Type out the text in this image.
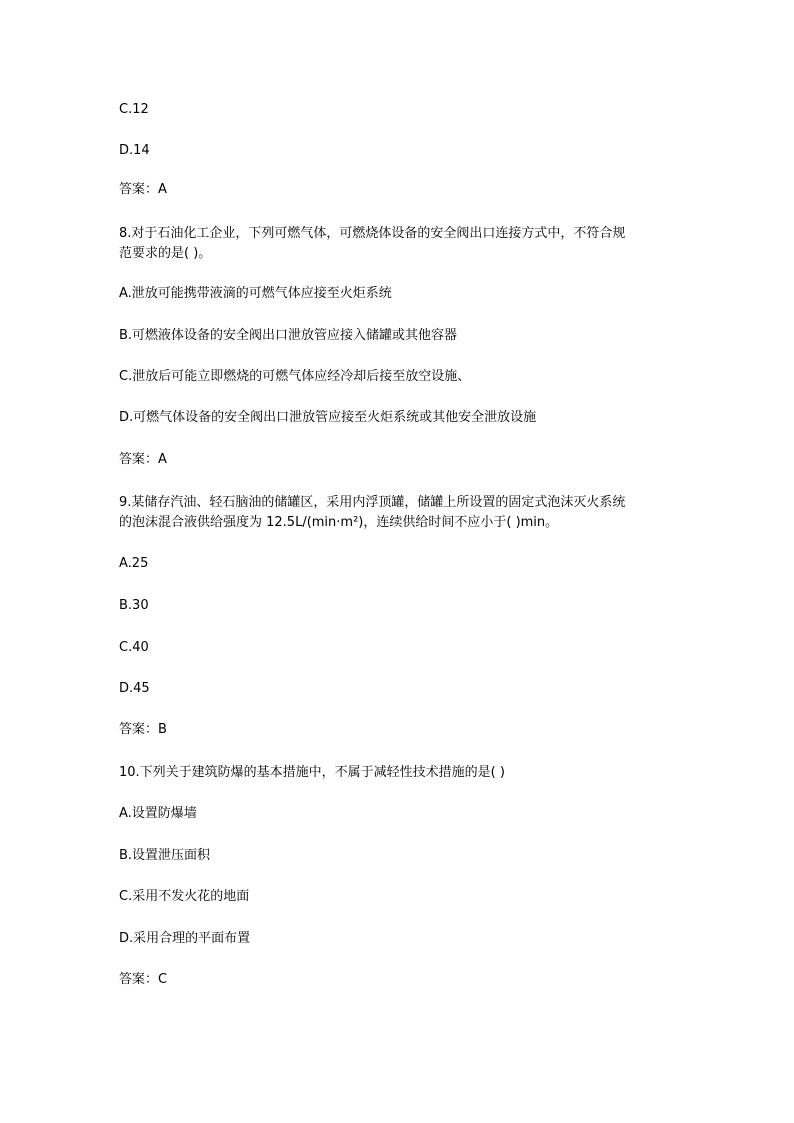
C.12
D.14
答案：A
8.对于石油化工企业，下列可燃气体，可燃烧体设备的安全阀出口连接方式中，不符合规
范要求的是( )。
A.泄放可能携带液滴的可燃气体应接至火炬系统
B.可燃液体设备的安全阀出口泄放管应接入储罐或其他容器
C.泄放后可能立即燃烧的可燃气体应经冷却后接至放空设施、
D.可燃气体设备的安全阀出口泄放管应接至火炬系统或其他安全泄放设施
答案：A
9.某储存汽油、轻石脑油的储罐区，采用内浮顶罐，储罐上所设置的固定式泡沫灭火系统
的泡沫混合液供给强度为 12.5L/(min·m²)，连续供给时间不应小于( )min。
A.25
B.30
C.40
D.45
答案：B
10.下列关于建筑防爆的基本措施中，不属于减轻性技术措施的是( )
A.设置防爆墙
B.设置泄压面积
C.采用不发火花的地面
D.采用合理的平面布置
答案：C
